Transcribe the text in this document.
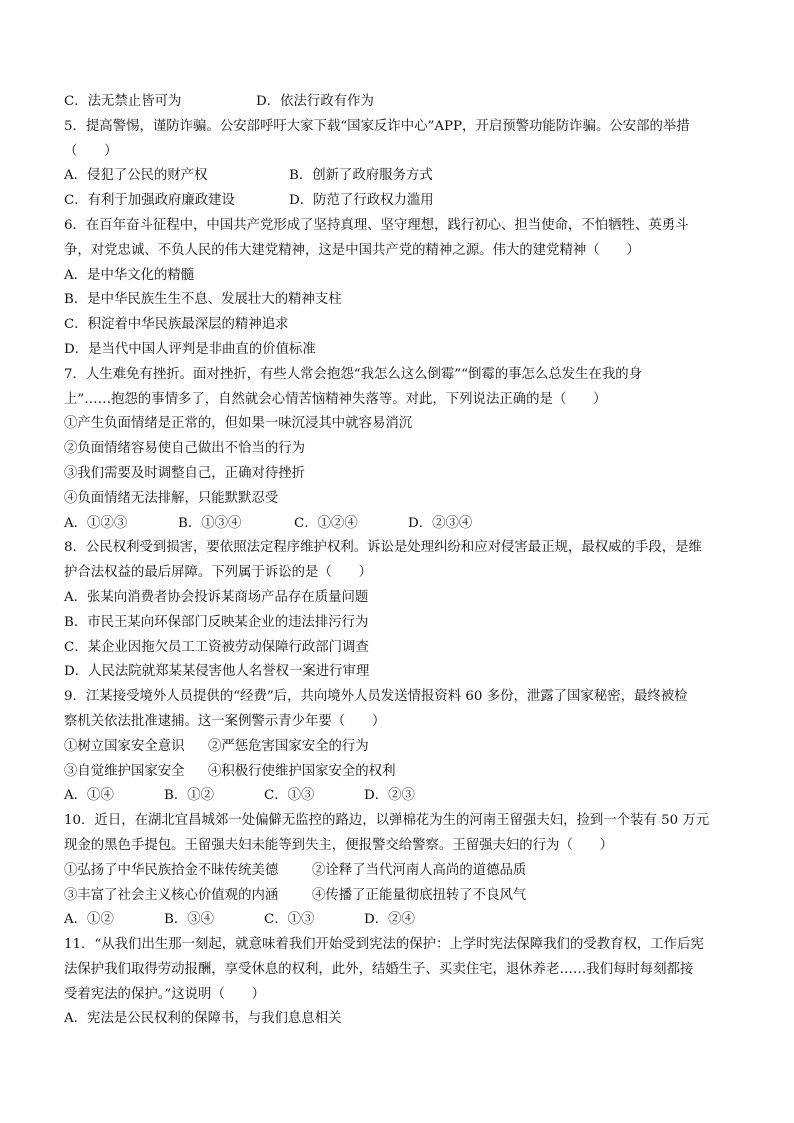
C．法无禁止皆可为	D．依法行政有作为
5．提高警惕，谨防诈骗。公安部呼吁大家下载“国家反诈中心”APP，开启预警功能防诈骗。公安部的举措
（　　）
A．侵犯了公民的财产权	B．创新了政府服务方式
C．有利于加强政府廉政建设	D．防范了行政权力滥用
6．在百年奋斗征程中，中国共产党形成了坚持真理、坚守理想，践行初心、担当使命，不怕牺牲、英勇斗
争，对党忠诚、不负人民的伟大建党精神，这是中国共产党的精神之源。伟大的建党精神（　　）
A．是中华文化的精髓
B．是中华民族生生不息、发展壮大的精神支柱
C．积淀着中华民族最深层的精神追求
D．是当代中国人评判是非曲直的价值标准
7．人生难免有挫折。面对挫折，有些人常会抱怨“我怎么这么倒霉”“倒霉的事怎么总发生在我的身
上”……抱怨的事情多了，自然就会心情苦恼精神失落等。对此，下列说法正确的是（　　）
①产生负面情绪是正常的，但如果一味沉浸其中就容易消沉
②负面情绪容易使自己做出不恰当的行为
③我们需要及时调整自己，正确对待挫折
④负面情绪无法排解，只能默默忍受
A．①②③	B．①③④	C．①②④	D．②③④
8．公民权利受到损害，要依照法定程序维护权利。诉讼是处理纠纷和应对侵害最正规，最权威的手段，是维
护合法权益的最后屏障。下列属于诉讼的是（　　）
A．张某向消费者协会投诉某商场产品存在质量问题
B．市民王某向环保部门反映某企业的违法排污行为
C．某企业因拖欠员工工资被劳动保障行政部门调查
D．人民法院就郑某某侵害他人名誉权一案进行审理
9．江某接受境外人员提供的“经费”后，共向境外人员发送情报资料 60 多份，泄露了国家秘密，最终被检
察机关依法批准逮捕。这一案例警示青少年要（　　）
①树立国家安全意识 ②严惩危害国家安全的行为
③自觉维护国家安全 ④积极行使维护国家安全的权利
A．①④	B．①②	C．①③	D．②③
10．近日，在湖北宜昌城郊一处偏僻无监控的路边，以弹棉花为生的河南王留强夫妇，捡到一个装有 50 万元
现金的黑色手提包。王留强夫妇未能等到失主，便报警交给警察。王留强夫妇的行为（　　）
①弘扬了中华民族拾金不昧传统美德	②诠释了当代河南人高尚的道德品质
③丰富了社会主义核心价值观的内涵	④传播了正能量彻底扭转了不良风气
A．①②	B．③④	C．①③	D．②④
11．“从我们出生那一刻起，就意味着我们开始受到宪法的保护：上学时宪法保障我们的受教育权，工作后宪
法保护我们取得劳动报酬，享受休息的权利，此外，结婚生子、买卖住宅，退休养老……我们每时每刻都接
受着宪法的保护。”这说明（　　）
A．宪法是公民权利的保障书，与我们息息相关
